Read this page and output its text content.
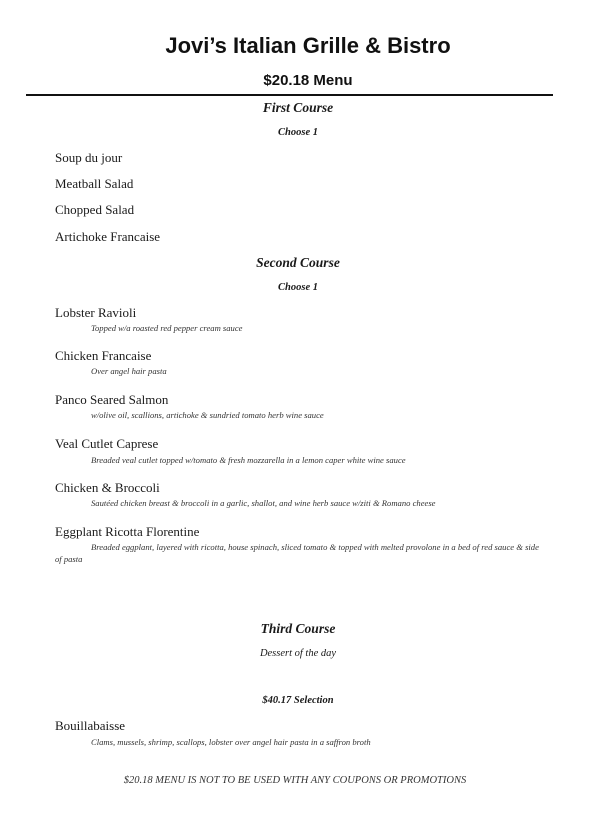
Jovi’s Italian Grille & Bistro
$20.18 Menu
First Course
Choose 1
Soup du jour
Meatball Salad
Chopped Salad
Artichoke Francaise
Second Course
Choose 1
Lobster Ravioli
Topped w/a roasted red pepper cream sauce
Chicken Francaise
Over angel hair pasta
Panco Seared Salmon
w/olive oil, scallions, artichoke & sundried tomato herb wine sauce
Veal Cutlet Caprese
Breaded veal cutlet topped w/tomato & fresh mozzarella in a lemon caper white wine sauce
Chicken & Broccoli
Sautéed chicken breast & broccoli in a garlic, shallot, and wine herb sauce w/ziti & Romano cheese
Eggplant Ricotta Florentine
Breaded eggplant, layered with ricotta, house spinach, sliced tomato & topped with melted provolone in a bed of red sauce & side of pasta
Third Course
Dessert of the day
$40.17 Selection
Bouillabaisse
Clams, mussels, shrimp, scallops, lobster over angel hair pasta in a saffron broth
$20.18 MENU IS NOT TO BE USED WITH ANY COUPONS OR PROMOTIONS
